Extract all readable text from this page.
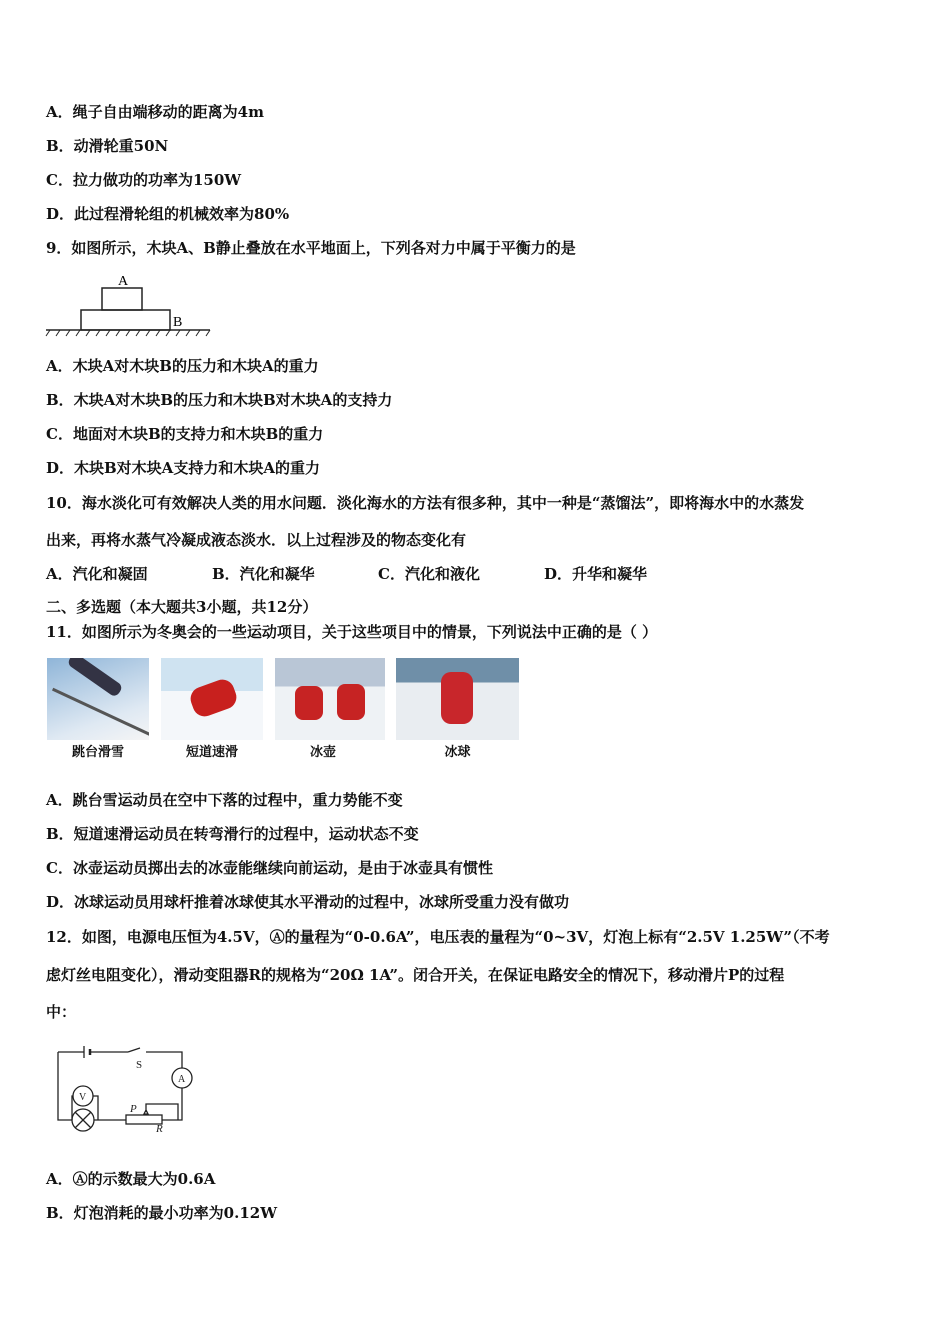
A．绳子自由端移动的距离为4m
B．动滑轮重50N
C．拉力做功的功率为150W
D．此过程滑轮组的机械效率为80%
9．如图所示，木块A、B静止叠放在水平地面上，下列各对力中属于平衡力的是
A
B
A．木块A对木块B的压力和木块A的重力
B．木块A对木块B的压力和木块B对木块A的支持力
C．地面对木块B的支持力和木块B的重力
D．木块B对木块A支持力和木块A的重力
10．海水淡化可有效解决人类的用水问题．淡化海水的方法有很多种，其中一种是“蒸馏法”，即将海水中的水蒸发
出来，再将水蒸气冷凝成液态淡水．以上过程涉及的物态变化有
A．汽化和凝固	B．汽化和凝华	C．汽化和液化	D．升华和凝华
二、多选题（本大题共3小题，共12分）
11．如图所示为冬奥会的一些运动项目，关于这些项目中的情景，下列说法中正确的是（ ）
跳台滑雪	短道速滑	冰壶	冰球
A．跳台雪运动员在空中下落的过程中，重力势能不变
B．短道速滑运动员在转弯滑行的过程中，运动状态不变
C．冰壶运动员掷出去的冰壶能继续向前运动，是由于冰壶具有惯性
D．冰球运动员用球杆推着冰球使其水平滑动的过程中，冰球所受重力没有做功
12．如图，电源电压恒为4.5V，Ⓐ的量程为“0-0.6A”，电压表的量程为“0~3V，灯泡上标有“2.5V 1.25W”（不考
虑灯丝电阻变化），滑动变阻器R的规格为“20Ω 1A”。闭合开关，在保证电路安全的情况下，移动滑片P的过程
中：
S
A
V
P
R
A．Ⓐ的示数最大为0.6A
B．灯泡消耗的最小功率为0.12W
